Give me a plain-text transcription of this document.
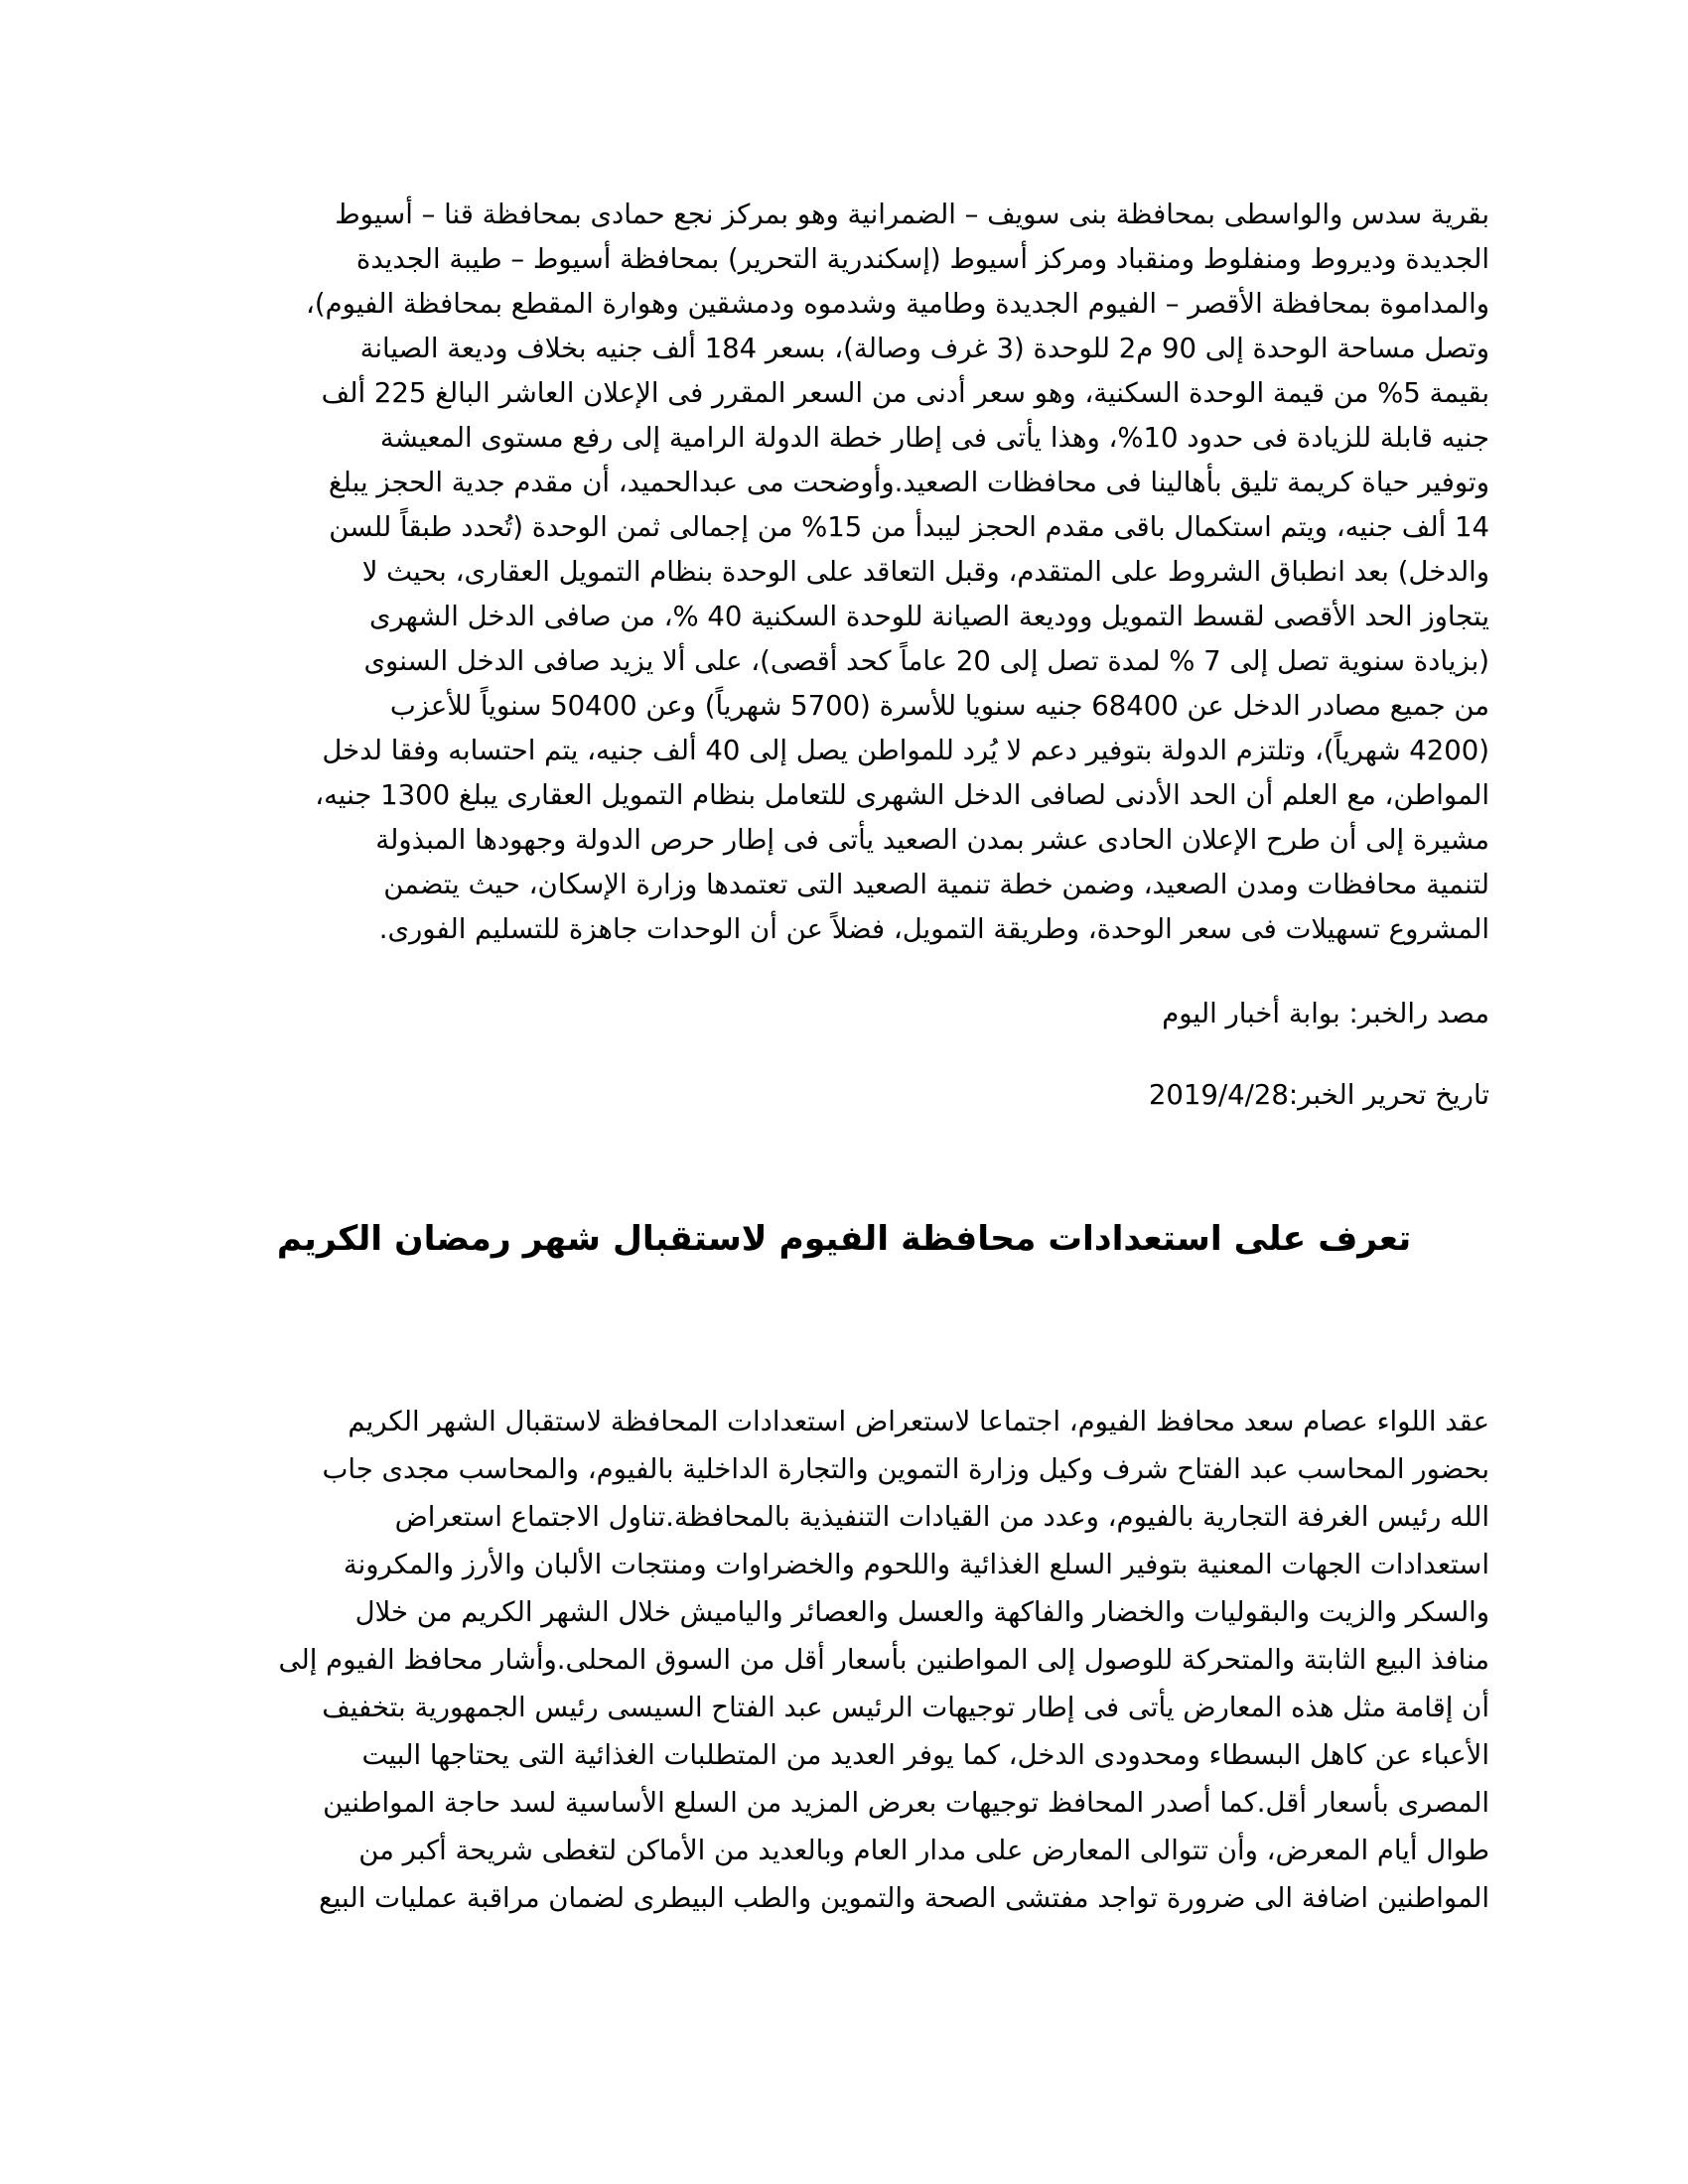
بقرية سدس والواسطى بمحافظة بنى سويف – الضمرانية وهو بمركز نجع حمادى بمحافظة قنا – أسيوط
الجديدة وديروط ومنفلوط ومنقباد ومركز أسيوط (إسكندرية التحرير) بمحافظة أسيوط – طيبة الجديدة
والمداموة بمحافظة الأقصر – الفيوم الجديدة وطامية وشدموه ودمشقين وهوارة المقطع بمحافظة الفيوم)،
وتصل مساحة الوحدة إلى 90 م2 للوحدة (3 غرف وصالة)، بسعر 184 ألف جنيه بخلاف وديعة الصيانة
بقيمة 5% من قيمة الوحدة السكنية، وهو سعر أدنى من السعر المقرر فى الإعلان العاشر البالغ 225 ألف
جنيه قابلة للزيادة فى حدود 10%، وهذا يأتى فى إطار خطة الدولة الرامية إلى رفع مستوى المعيشة
وتوفير حياة كريمة تليق بأهالينا فى محافظات الصعيد.وأوضحت مى عبدالحميد، أن مقدم جدية الحجز يبلغ
14 ألف جنيه، ويتم استكمال باقى مقدم الحجز ليبدأ من 15% من إجمالى ثمن الوحدة (تُحدد طبقاً للسن
والدخل) بعد انطباق الشروط على المتقدم، وقبل التعاقد على الوحدة بنظام التمويل العقارى، بحيث لا
يتجاوز الحد الأقصى لقسط التمويل ووديعة الصيانة للوحدة السكنية 40 %، من صافى الدخل الشهرى
(بزيادة سنوية تصل إلى 7 % لمدة تصل إلى 20 عاماً كحد أقصى)، على ألا يزيد صافى الدخل السنوى
من جميع مصادر الدخل عن 68400 جنيه سنويا للأسرة (5700 شهرياً) وعن 50400 سنوياً للأعزب
(4200 شهرياً)، وتلتزم الدولة بتوفير دعم لا يُرد للمواطن يصل إلى 40 ألف جنيه، يتم احتسابه وفقا لدخل
المواطن، مع العلم أن الحد الأدنى لصافى الدخل الشهرى للتعامل بنظام التمويل العقارى يبلغ 1300 جنيه،
مشيرة إلى أن طرح الإعلان الحادى عشر بمدن الصعيد يأتى فى إطار حرص الدولة وجهودها المبذولة
لتنمية محافظات ومدن الصعيد، وضمن خطة تنمية الصعيد التى تعتمدها وزارة الإسكان، حيث يتضمن
المشروع تسهيلات فى سعر الوحدة، وطريقة التمويل، فضلاً عن أن الوحدات جاهزة للتسليم الفورى.
مصد رالخبر: بوابة أخبار اليوم
تاريخ تحرير الخبر:2019/4/28
تعرف على استعدادات محافظة الفيوم لاستقبال شهر رمضان الكريم
عقد اللواء عصام سعد محافظ الفيوم، اجتماعا لاستعراض استعدادات المحافظة لاستقبال الشهر الكريم
بحضور المحاسب عبد الفتاح شرف وكيل وزارة التموين والتجارة الداخلية بالفيوم، والمحاسب مجدى جاب
الله رئيس الغرفة التجارية بالفيوم، وعدد من القيادات التنفيذية بالمحافظة.تناول الاجتماع استعراض
استعدادات الجهات المعنية بتوفير السلع الغذائية واللحوم والخضراوات ومنتجات الألبان والأرز والمكرونة
والسكر والزيت والبقوليات والخضار والفاكهة والعسل والعصائر والياميش خلال الشهر الكريم من خلال
منافذ البيع الثابتة والمتحركة للوصول إلى المواطنين بأسعار أقل من السوق المحلى.وأشار محافظ الفيوم إلى
أن إقامة مثل هذه المعارض يأتى فى إطار توجيهات الرئيس عبد الفتاح السيسى رئيس الجمهورية بتخفيف
الأعباء عن كاهل البسطاء ومحدودى الدخل، كما يوفر العديد من المتطلبات الغذائية التى يحتاجها البيت
المصرى بأسعار أقل.كما أصدر المحافظ توجيهات بعرض المزيد من السلع الأساسية لسد حاجة المواطنين
طوال أيام المعرض، وأن تتوالى المعارض على مدار العام وبالعديد من الأماكن لتغطى شريحة أكبر من
المواطنين اضافة الى ضرورة تواجد مفتشى الصحة والتموين والطب البيطرى لضمان مراقبة عمليات البيع
